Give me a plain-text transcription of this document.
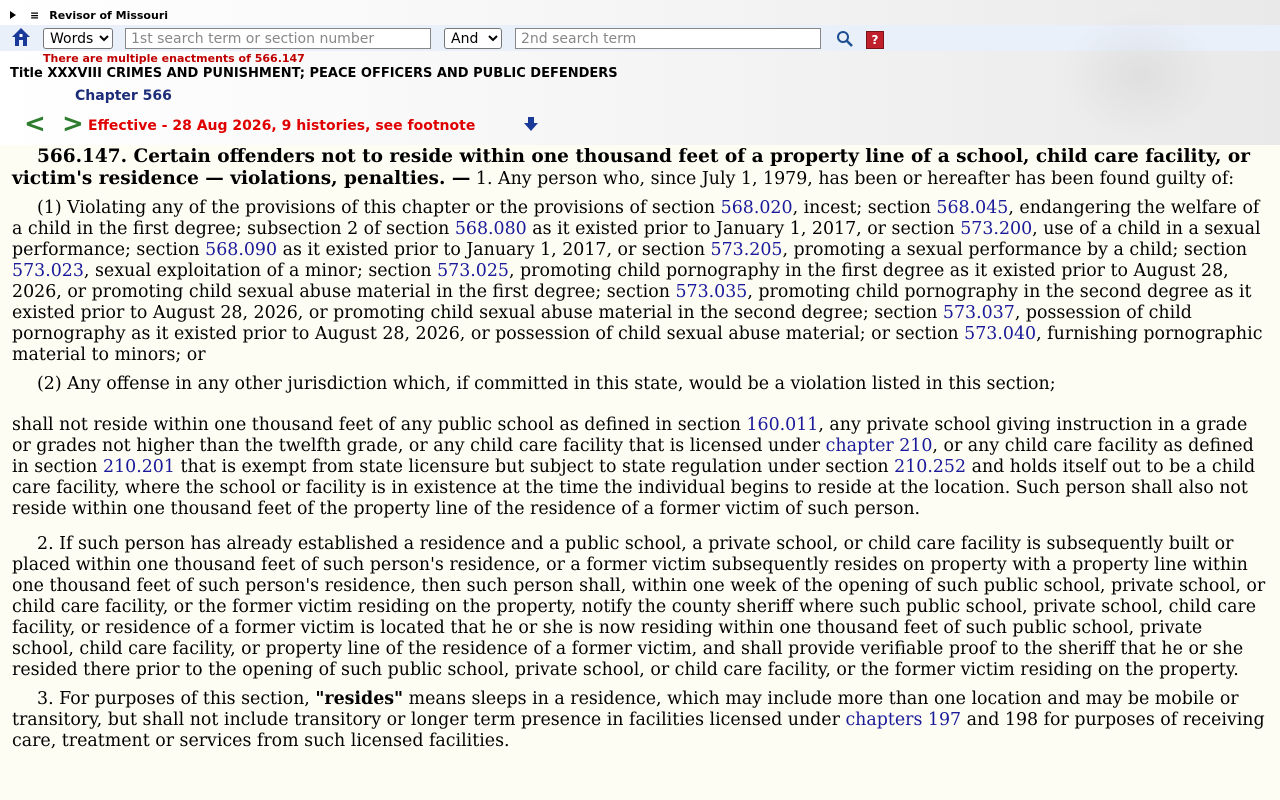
≡ Revisor of Missouri
Words
1st search term or section number
And
2nd search term
?
There are multiple enactments of 566.147
Title XXXVIII CRIMES AND PUNISHMENT; PEACE OFFICERS AND PUBLIC DEFENDERS
Chapter 566
< > Effective - 28 Aug 2026, 9 histories, see footnote

566.147. Certain offenders not to reside within one thousand feet of a property line of a school, child care facility, or victim's residence — violations, penalties. — 1. Any person who, since July 1, 1979, has been or hereafter has been found guilty of:

(1) Violating any of the provisions of this chapter or the provisions of section 568.020, incest; section 568.045, endangering the welfare of a child in the first degree; subsection 2 of section 568.080 as it existed prior to January 1, 2017, or section 573.200, use of a child in a sexual performance; section 568.090 as it existed prior to January 1, 2017, or section 573.205, promoting a sexual performance by a child; section 573.023, sexual exploitation of a minor; section 573.025, promoting child pornography in the first degree as it existed prior to August 28, 2026, or promoting child sexual abuse material in the first degree; section 573.035, promoting child pornography in the second degree as it existed prior to August 28, 2026, or promoting child sexual abuse material in the second degree; section 573.037, possession of child pornography as it existed prior to August 28, 2026, or possession of child sexual abuse material; or section 573.040, furnishing pornographic material to minors; or

(2) Any offense in any other jurisdiction which, if committed in this state, would be a violation listed in this section;

shall not reside within one thousand feet of any public school as defined in section 160.011, any private school giving instruction in a grade or grades not higher than the twelfth grade, or any child care facility that is licensed under chapter 210, or any child care facility as defined in section 210.201 that is exempt from state licensure but subject to state regulation under section 210.252 and holds itself out to be a child care facility, where the school or facility is in existence at the time the individual begins to reside at the location. Such person shall also not reside within one thousand feet of the property line of the residence of a former victim of such person.

2. If such person has already established a residence and a public school, a private school, or child care facility is subsequently built or placed within one thousand feet of such person's residence, or a former victim subsequently resides on property with a property line within one thousand feet of such person's residence, then such person shall, within one week of the opening of such public school, private school, or child care facility, or the former victim residing on the property, notify the county sheriff where such public school, private school, child care facility, or residence of a former victim is located that he or she is now residing within one thousand feet of such public school, private school, child care facility, or property line of the residence of a former victim, and shall provide verifiable proof to the sheriff that he or she resided there prior to the opening of such public school, private school, or child care facility, or the former victim residing on the property.

3. For purposes of this section, "resides" means sleeps in a residence, which may include more than one location and may be mobile or transitory, but shall not include transitory or longer term presence in facilities licensed under chapters 197 and 198 for purposes of receiving care, treatment or services from such licensed facilities.
